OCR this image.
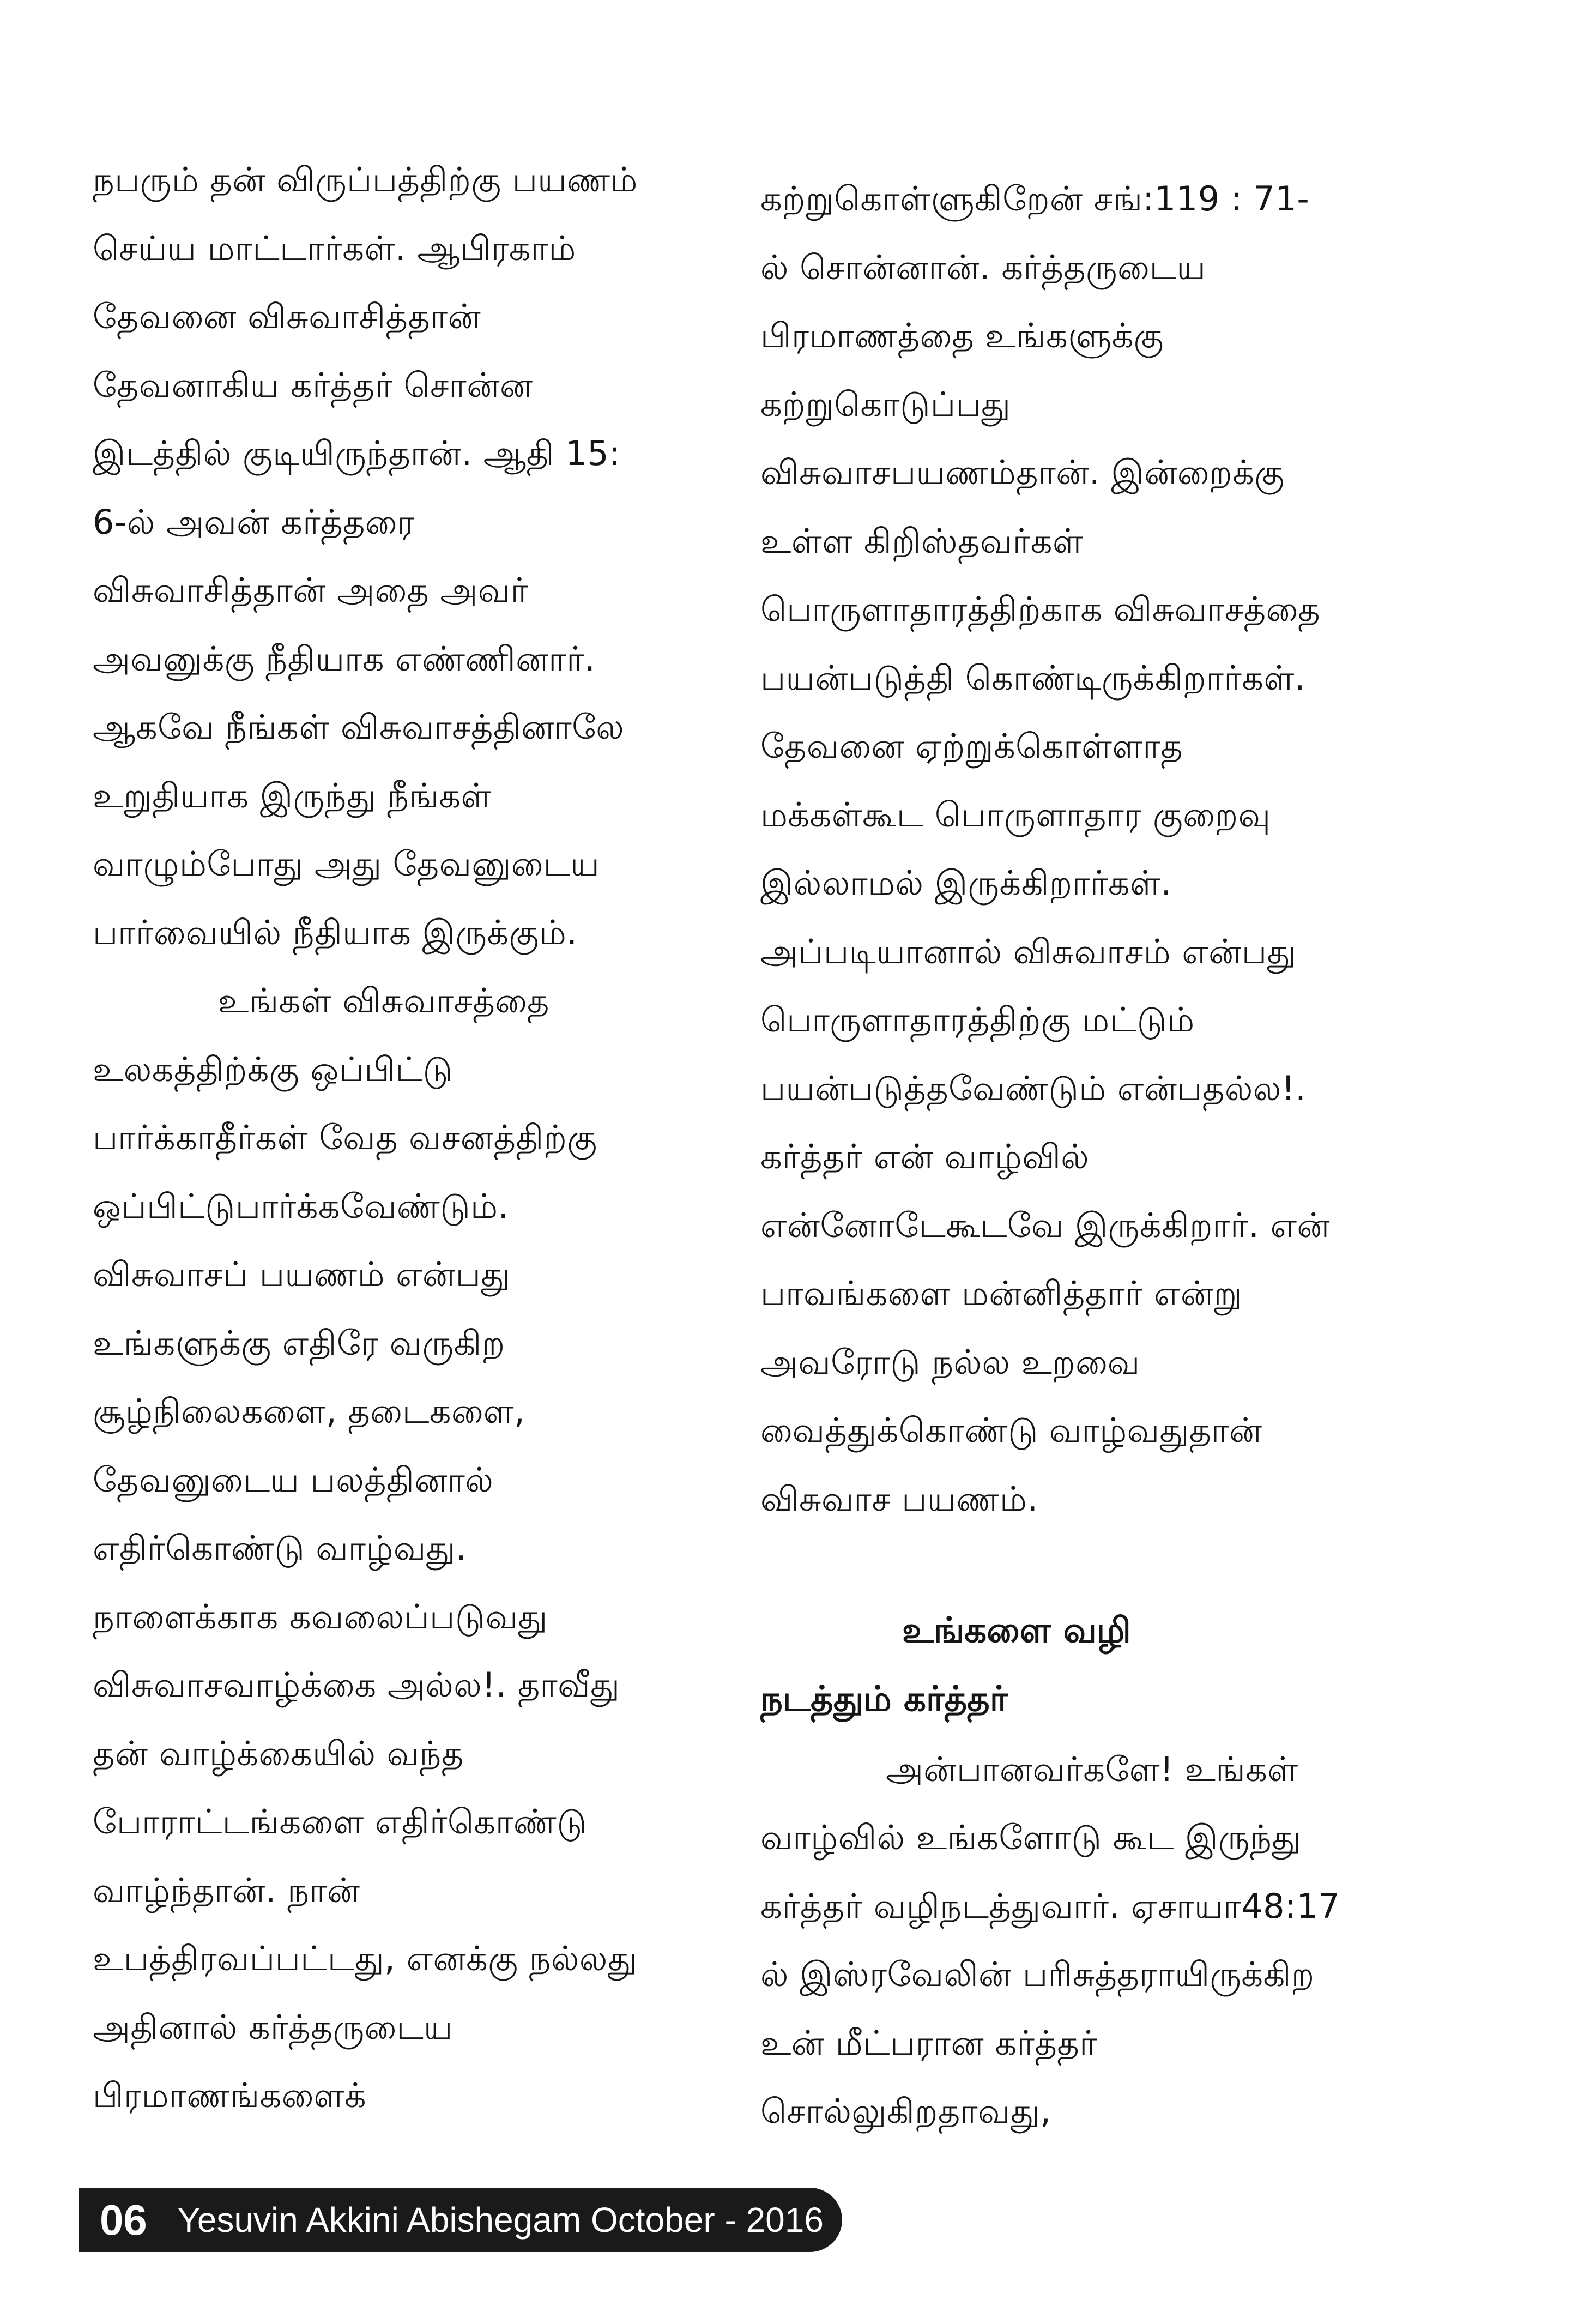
நபரும் தன் விருப்பத்திற்கு பயணம்
செய்ய மாட்டார்கள். ஆபிரகாம்
தேவனை விசுவாசித்தான்
தேவனாகிய கர்த்தர் சொன்ன
இடத்தில் குடியிருந்தான். ஆதி 15:
6-ல் அவன் கர்த்தரை
விசுவாசித்தான் அதை அவர்
அவனுக்கு நீதியாக எண்ணினார்.
ஆகவே நீங்கள் விசுவாசத்தினாலே
உறுதியாக இருந்து நீங்கள்
வாழும்போது அது தேவனுடைய
பார்வையில் நீதியாக இருக்கும்.
உங்கள் விசுவாசத்தை
உலகத்திற்க்கு ஒப்பிட்டு
பார்க்காதீர்கள் வேத வசனத்திற்கு
ஒப்பிட்டுபார்க்கவேண்டும்.
விசுவாசப் பயணம் என்பது
உங்களுக்கு எதிரே வருகிற
சூழ்நிலைகளை, தடைகளை,
தேவனுடைய பலத்தினால்
எதிர்கொண்டு வாழ்வது.
நாளைக்காக கவலைப்படுவது
விசுவாசவாழ்க்கை அல்ல!. தாவீது
தன் வாழ்க்கையில் வந்த
போராட்டங்களை எதிர்கொண்டு
வாழ்ந்தான். நான்
உபத்திரவப்பட்டது, எனக்கு நல்லது
அதினால் கர்த்தருடைய
பிரமாணங்களைக்
கற்றுகொள்ளுகிறேன் சங்:119 : 71-
ல் சொன்னான். கர்த்தருடைய
பிரமாணத்தை உங்களுக்கு
கற்றுகொடுப்பது
விசுவாசபயணம்தான். இன்றைக்கு
உள்ள கிறிஸ்தவர்கள்
பொருளாதாரத்திற்காக விசுவாசத்தை
பயன்படுத்தி கொண்டிருக்கிறார்கள்.
தேவனை ஏற்றுக்கொள்ளாத
மக்கள்கூட பொருளாதார குறைவு
இல்லாமல் இருக்கிறார்கள்.
அப்படியானால் விசுவாசம் என்பது
பொருளாதாரத்திற்கு மட்டும்
பயன்படுத்தவேண்டும் என்பதல்ல!.
கர்த்தர் என் வாழ்வில்
என்னோடேகூடவே இருக்கிறார். என்
பாவங்களை மன்னித்தார் என்று
அவரோடு நல்ல உறவை
வைத்துக்கொண்டு வாழ்வதுதான்
விசுவாச பயணம்.
உங்களை வழி
நடத்தும் கர்த்தர்
அன்பானவர்களே! உங்கள்
வாழ்வில் உங்களோடு கூட இருந்து
கர்த்தர் வழிநடத்துவார். ஏசாயா48:17
ல் இஸ்ரவேலின் பரிசுத்தராயிருக்கிற
உன் மீட்பரான கர்த்தர்
சொல்லுகிறதாவது,
06 Yesuvin Akkini Abishegam October - 2016
